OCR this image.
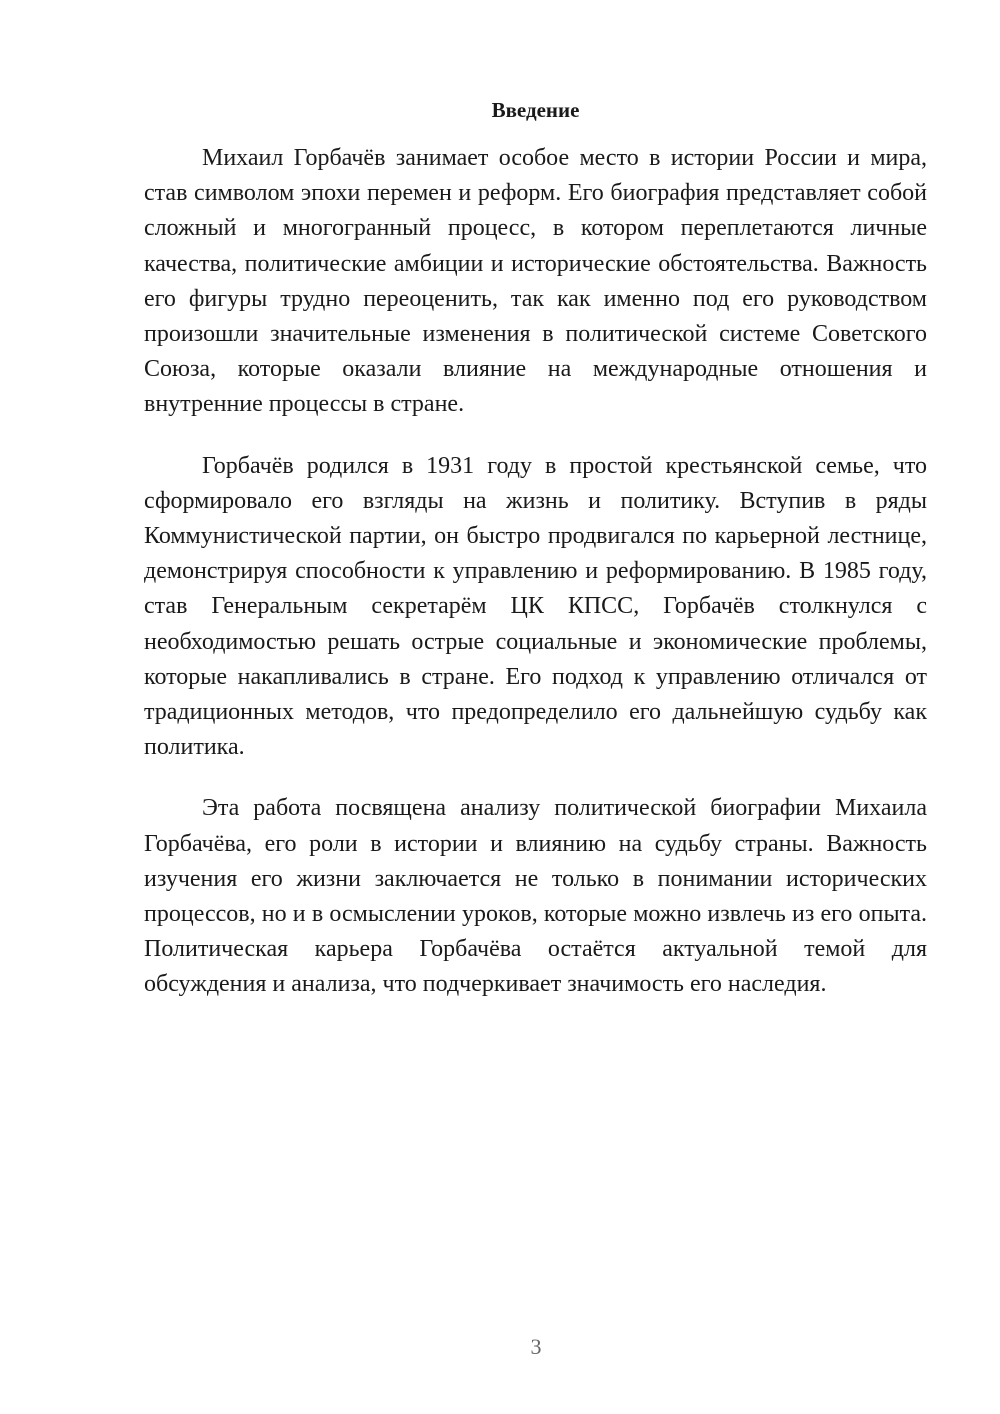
Введение

Михаил Горбачёв занимает особое место в истории России и мира, став символом эпохи перемен и реформ. Его биография представляет собой сложный и многогранный процесс, в котором переплетаются личные качества, политические амбиции и исторические обстоятельства. Важность его фигуры трудно переоценить, так как именно под его руководством произошли значительные изменения в политической системе Советского Союза, которые оказали влияние на международные отношения и внутренние процессы в стране.

Горбачёв родился в 1931 году в простой крестьянской семье, что сформировало его взгляды на жизнь и политику. Вступив в ряды Коммунистической партии, он быстро продвигался по карьерной лестнице, демонстрируя способности к управлению и реформированию. В 1985 году, став Генеральным секретарём ЦК КПСС, Горбачёв столкнулся с необходимостью решать острые социальные и экономические проблемы, которые накапливались в стране. Его подход к управлению отличался от традиционных методов, что предопределило его дальнейшую судьбу как политика.

Эта работа посвящена анализу политической биографии Михаила Горбачёва, его роли в истории и влиянию на судьбу страны. Важность изучения его жизни заключается не только в понимании исторических процессов, но и в осмыслении уроков, которые можно извлечь из его опыта. Политическая карьера Горбачёва остаётся актуальной темой для обсуждения и анализа, что подчеркивает значимость его наследия.

3
